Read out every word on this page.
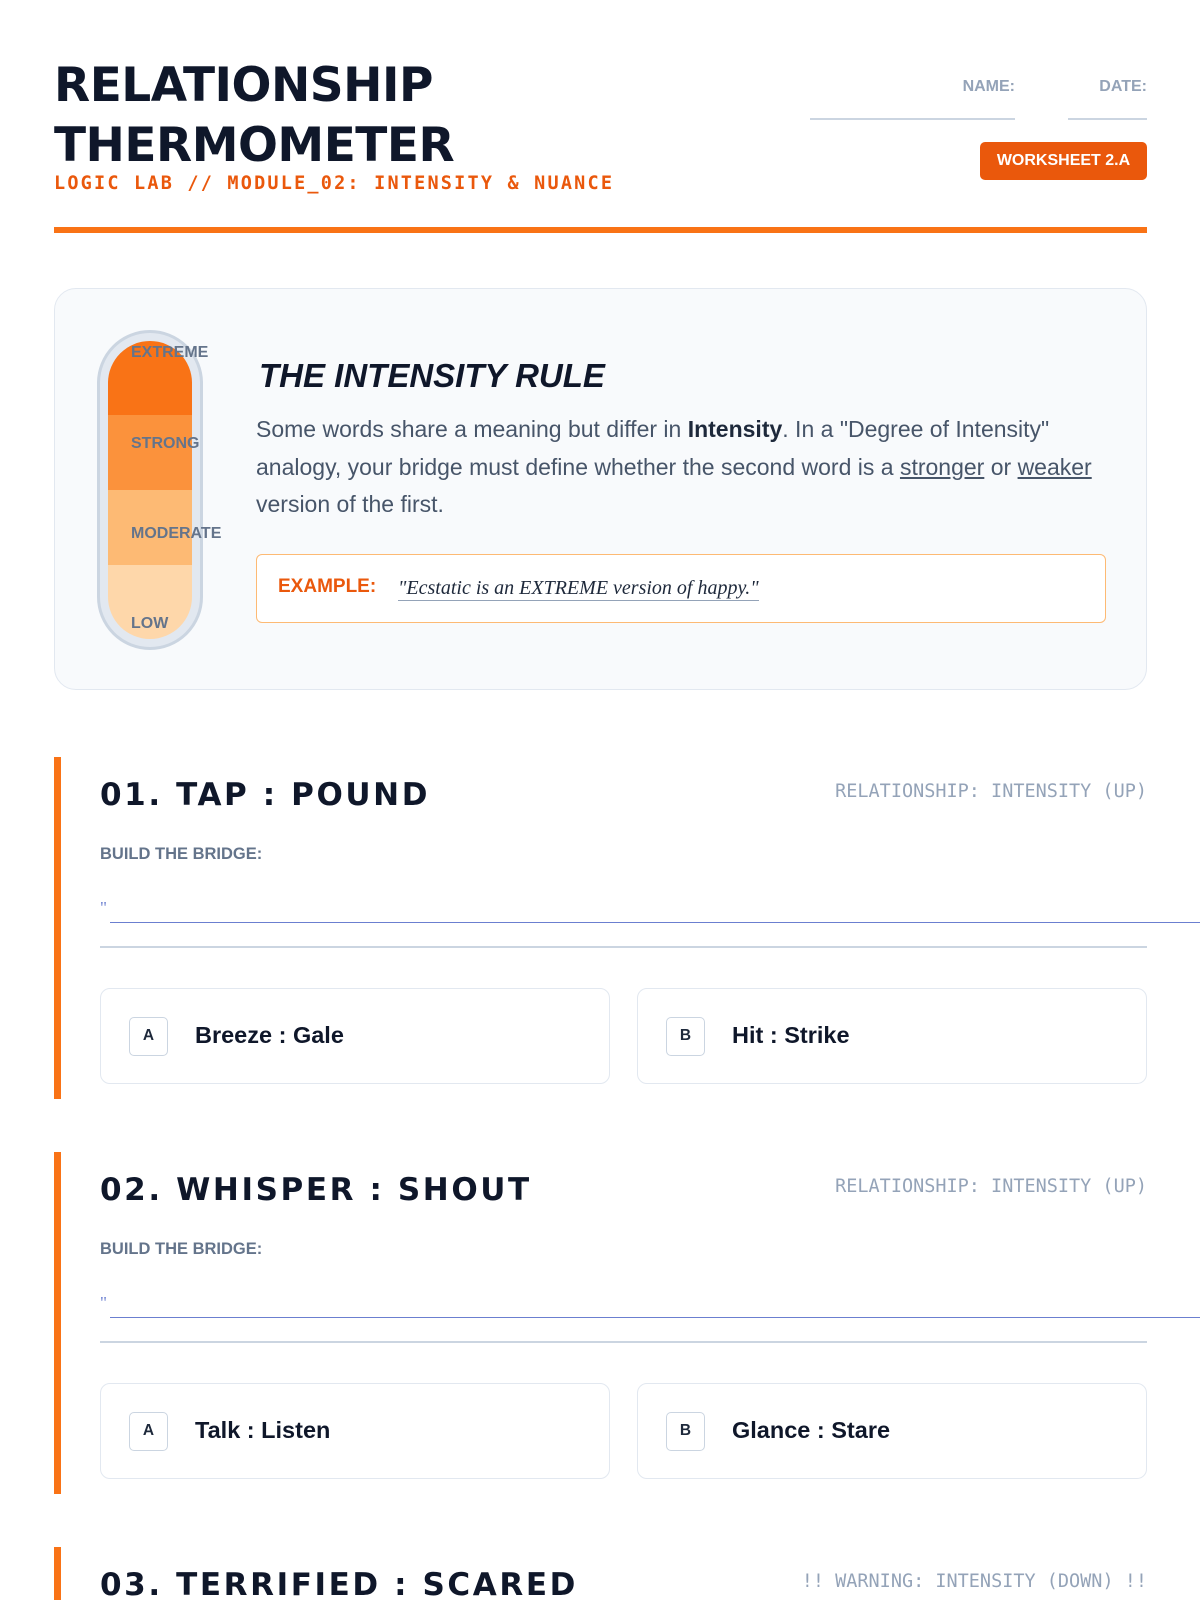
RELATIONSHIP
THERMOMETER
LOGIC LAB // MODULE_02: INTENSITY & NUANCE
NAME:	DATE:
WORKSHEET 2.A
EXTREME
STRONG
MODERATE
LOW
THE INTENSITY RULE
Some words share a meaning but differ in Intensity. In a "Degree of Intensity" analogy, your bridge must define whether the second word is a stronger or weaker version of the first.
EXAMPLE: "Ecstatic is an EXTREME version of happy."
01. TAP : POUND	RELATIONSHIP: INTENSITY (UP)
BUILD THE BRIDGE:
"
A	Breeze : Gale	B	Hit : Strike
02. WHISPER : SHOUT	RELATIONSHIP: INTENSITY (UP)
BUILD THE BRIDGE:
"
A	Talk : Listen	B	Glance : Stare
03. TERRIFIED : SCARED	!! WARNING: INTENSITY (DOWN) !!
